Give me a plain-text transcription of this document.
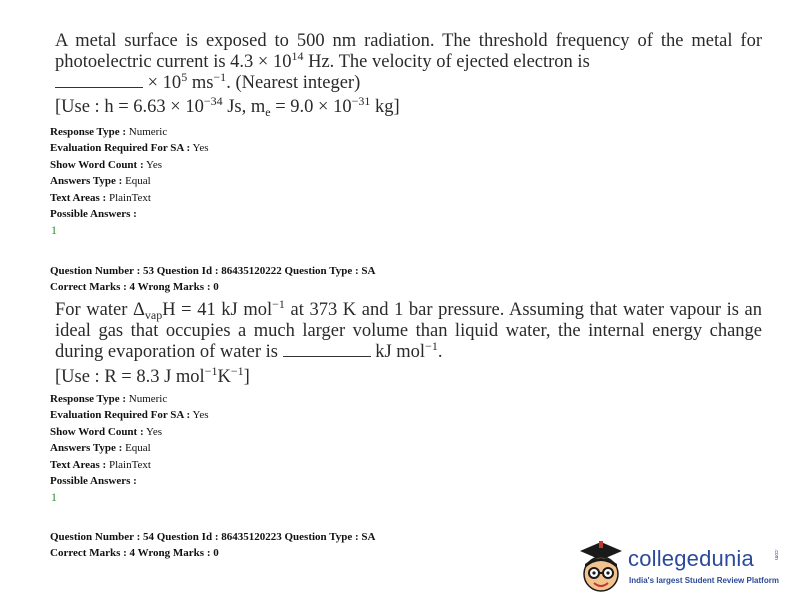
A metal surface is exposed to 500 nm radiation. The threshold frequency of the metal for photoelectric current is $4.3 \times 10^{14}$ Hz. The velocity of ejected electron is
× $10^5$ $ms^{-1}$. (Nearest integer)
[Use : $h = 6.63 \times 10^{-34}$ Js, $m_e = 9.0 \times 10^{-31}$ kg]
Response Type : Numeric
Evaluation Required For SA : Yes
Show Word Count : Yes
Answers Type : Equal
Text Areas : PlainText
Possible Answers :
1
Question Number : 53 Question Id : 86435120222 Question Type : SA
Correct Marks : 4 Wrong Marks : 0
For water $\Delta_{vap}H = 41$ kJ mol$^{-1}$ at 373 K and 1 bar pressure. Assuming that water vapour is an ideal gas that occupies a much larger volume than liquid water, the internal energy change during evaporation of water is	kJ mol$^{-1}$.
[Use : R = 8.3 J $mol^{-1}K^{-1}$]
Response Type : Numeric
Evaluation Required For SA : Yes
Show Word Count : Yes
Answers Type : Equal
Text Areas : PlainText
Possible Answers :
1
Question Number : 54 Question Id : 86435120223 Question Type : SA
Correct Marks : 4 Wrong Marks : 0	collegedunia	.com
India's largest Student Review Platform
